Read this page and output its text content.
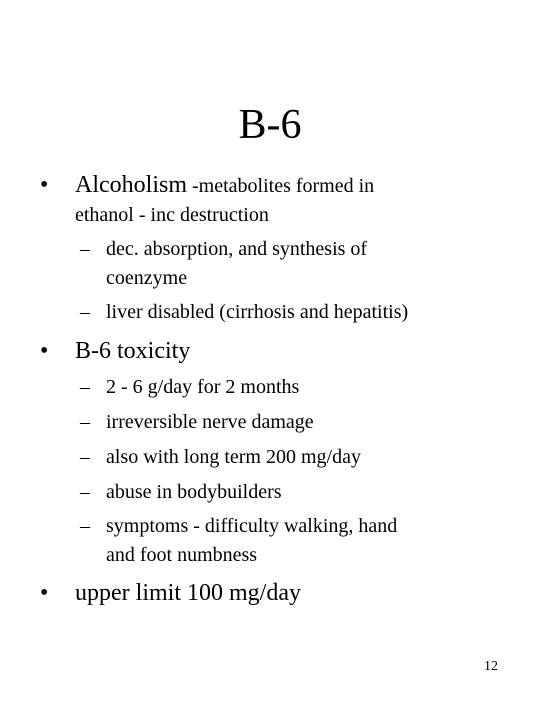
B-6
• Alcoholism -metabolites formed in
ethanol - inc destruction
– dec. absorption, and synthesis of
coenzyme
– liver disabled (cirrhosis and hepatitis)
• B-6 toxicity
– 2 - 6 g/day for 2 months
– irreversible nerve damage
– also with long term 200 mg/day
– abuse in bodybuilders
– symptoms - difficulty walking, hand
and foot numbness
• upper limit 100 mg/day
12
